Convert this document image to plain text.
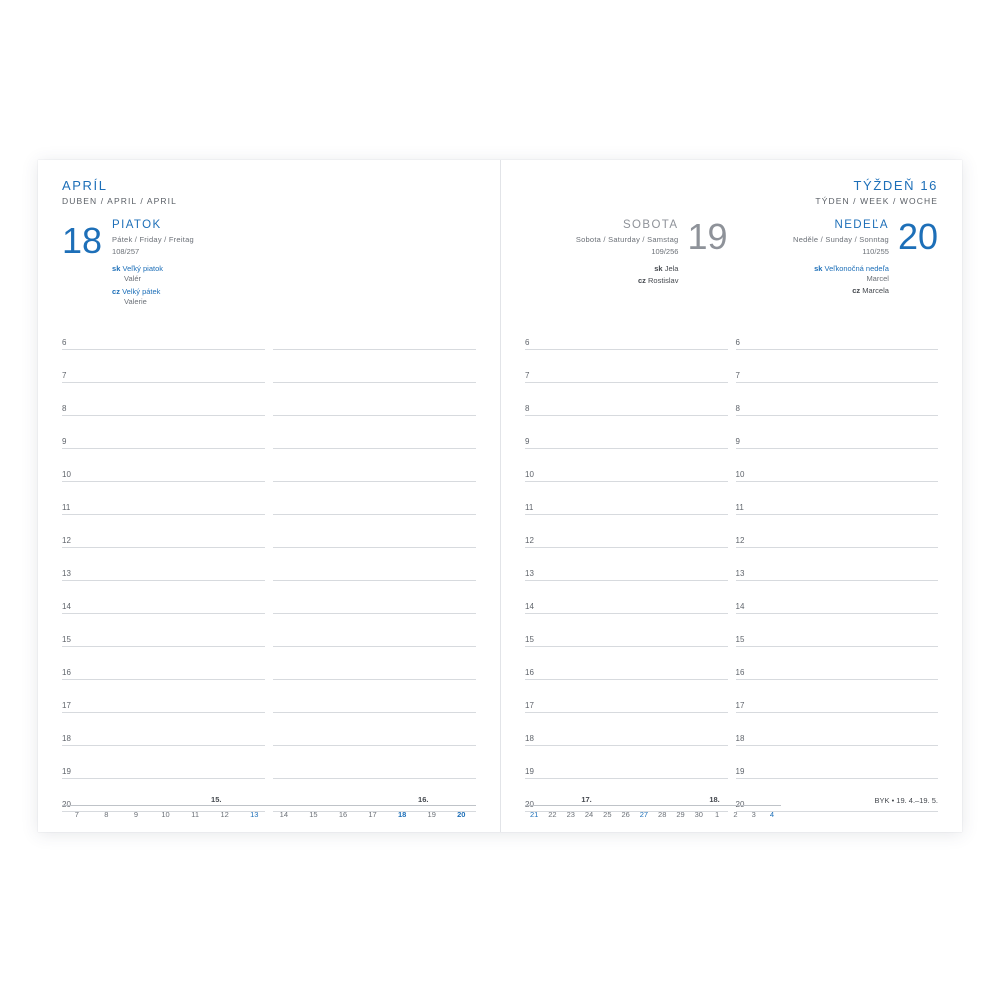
APRÍL
DUBEN / APRIL / APRIL
18 PIATOK
Pátek / Friday / Freitag
108/257
sk Veľký piatok
Valér
cz Velký pátek
Valerie
6
7
8
9
10
11
12
13
14
15
16
17
18
19
20
15.	16.
7	8	9	10	11	12	13	14	15	16	17	18	19	20
TÝŽDEŇ 16
TÝDEN / WEEK / WOCHE
SOBOTA
Sobota / Saturday / Samstag
109/256
sk Jela
cz Rostislav
19	NEDEĽA
Neděle / Sunday / Sonntag
110/255
sk Veľkonočná nedeľa
Marcel
cz Marcela
20
6
7
8
9
10
11
12
13
14
15
16
17
18
19
20
6
7
8
9
10
11
12
13
14
15
16
17
18
19
20	BYK • 19. 4.–19. 5.
17.	18.
21	22	23	24	25	26	27	28	29	30	1	2	3	4
